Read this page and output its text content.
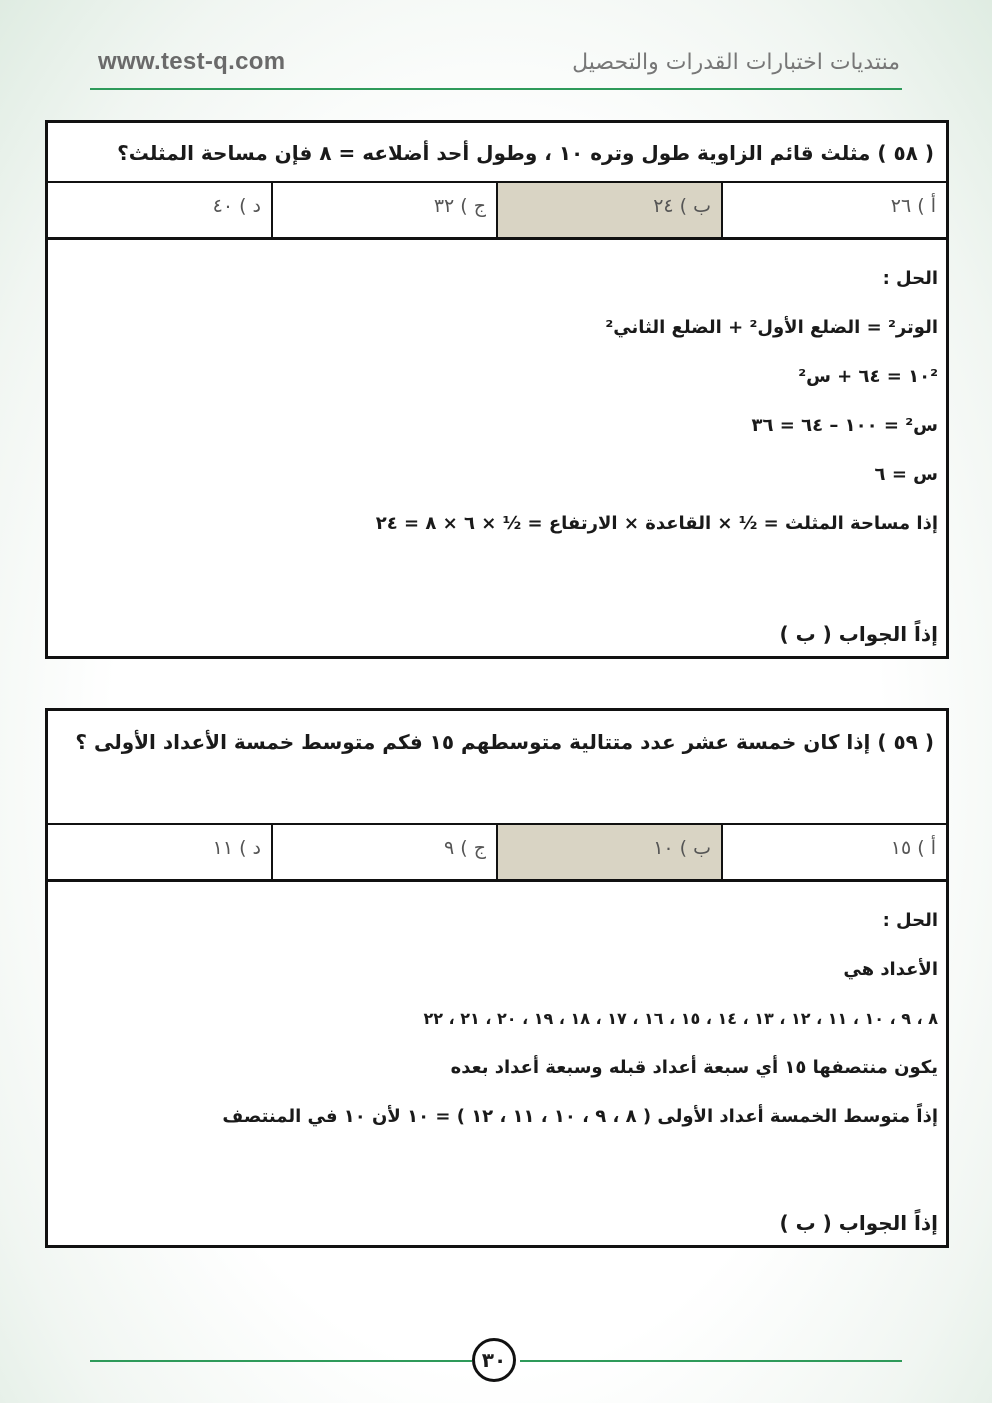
www.test-q.com	منتديات اختبارات القدرات والتحصيل
( ٥٨ ) مثلث قائم الزاوية طول وتره ١٠ ، وطول أحد أضلاعه = ٨ فإن مساحة المثلث؟
أ ) ٢٦
ب ) ٢٤
ج ) ٣٢
د ) ٤٠
الحل :
الوتر² = الضلع الأول² + الضلع الثاني²
١٠² = ٦٤ + س²
س² = ١٠٠ – ٦٤ = ٣٦
س = ٦
إذا مساحة المثلث = ½ × القاعدة × الارتفاع = ½ × ٦ × ٨ = ٢٤
إذاً الجواب ( ب )
( ٥٩ ) إذا كان خمسة عشر عدد متتالية متوسطهم ١٥ فكم متوسط خمسة الأعداد الأولى ؟
أ ) ١٥
ب ) ١٠
ج ) ٩
د ) ١١
الحل :
الأعداد هي
٨ ، ٩ ، ١٠ ، ١١ ، ١٢ ، ١٣ ، ١٤ ، ١٥ ، ١٦ ، ١٧ ، ١٨ ، ١٩ ، ٢٠ ، ٢١ ، ٢٢
يكون منتصفها ١٥ أي سبعة أعداد قبله وسبعة أعداد بعده
إذاً متوسط الخمسة أعداد الأولى ( ٨ ، ٩ ، ١٠ ، ١١ ، ١٢ ) = ١٠ لأن ١٠ في المنتصف
إذاً الجواب ( ب )
٣٠
